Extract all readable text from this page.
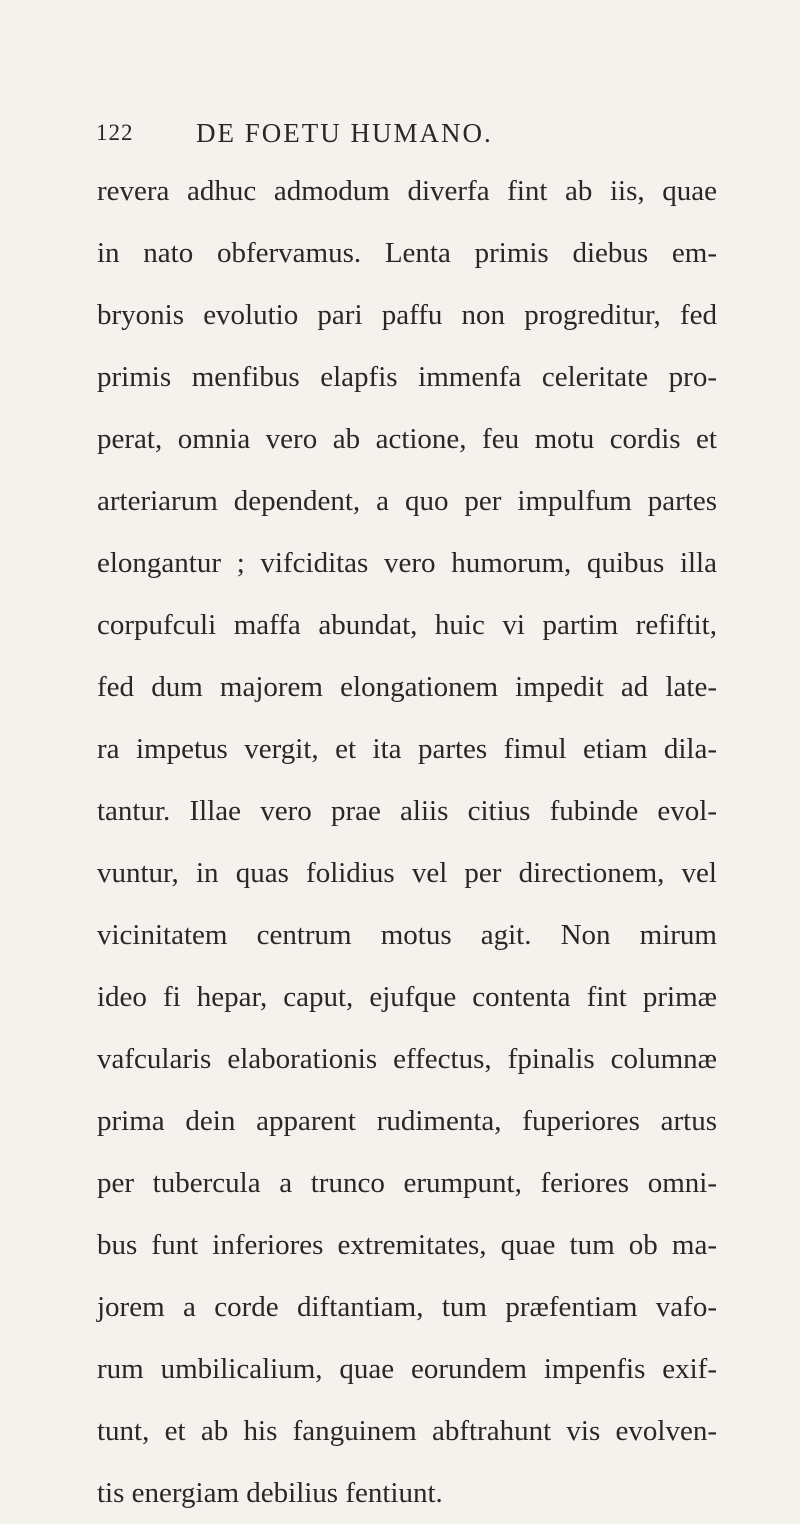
122 DE FOETU HUMANO.
revera adhuc admodum diverfa fint ab iis, quae
in nato obfervamus. Lenta primis diebus em-
bryonis evolutio pari paffu non progreditur, fed
primis menfibus elapfis immenfa celeritate pro-
perat, omnia vero ab actione, feu motu cordis et
arteriarum dependent, a quo per impulfum partes
elongantur ; vifciditas vero humorum, quibus illa
corpufculi maffa abundat, huic vi partim refiftit,
fed dum majorem elongationem impedit ad late-
ra impetus vergit, et ita partes fimul etiam dila-
tantur. Illae vero prae aliis citius fubinde evol-
vuntur, in quas folidius vel per directionem, vel
vicinitatem centrum motus agit. Non mirum
ideo fi hepar, caput, ejufque contenta fint primæ
vafcularis elaborationis effectus, fpinalis columnæ
prima dein apparent rudimenta, fuperiores artus
per tubercula a trunco erumpunt, feriores omni-
bus funt inferiores extremitates, quae tum ob ma-
jorem a corde diftantiam, tum præfentiam vafo-
rum umbilicalium, quae eorundem impenfis exif-
tunt, et ab his fanguinem abftrahunt vis evolven-
tis energiam debilius fentiunt.
